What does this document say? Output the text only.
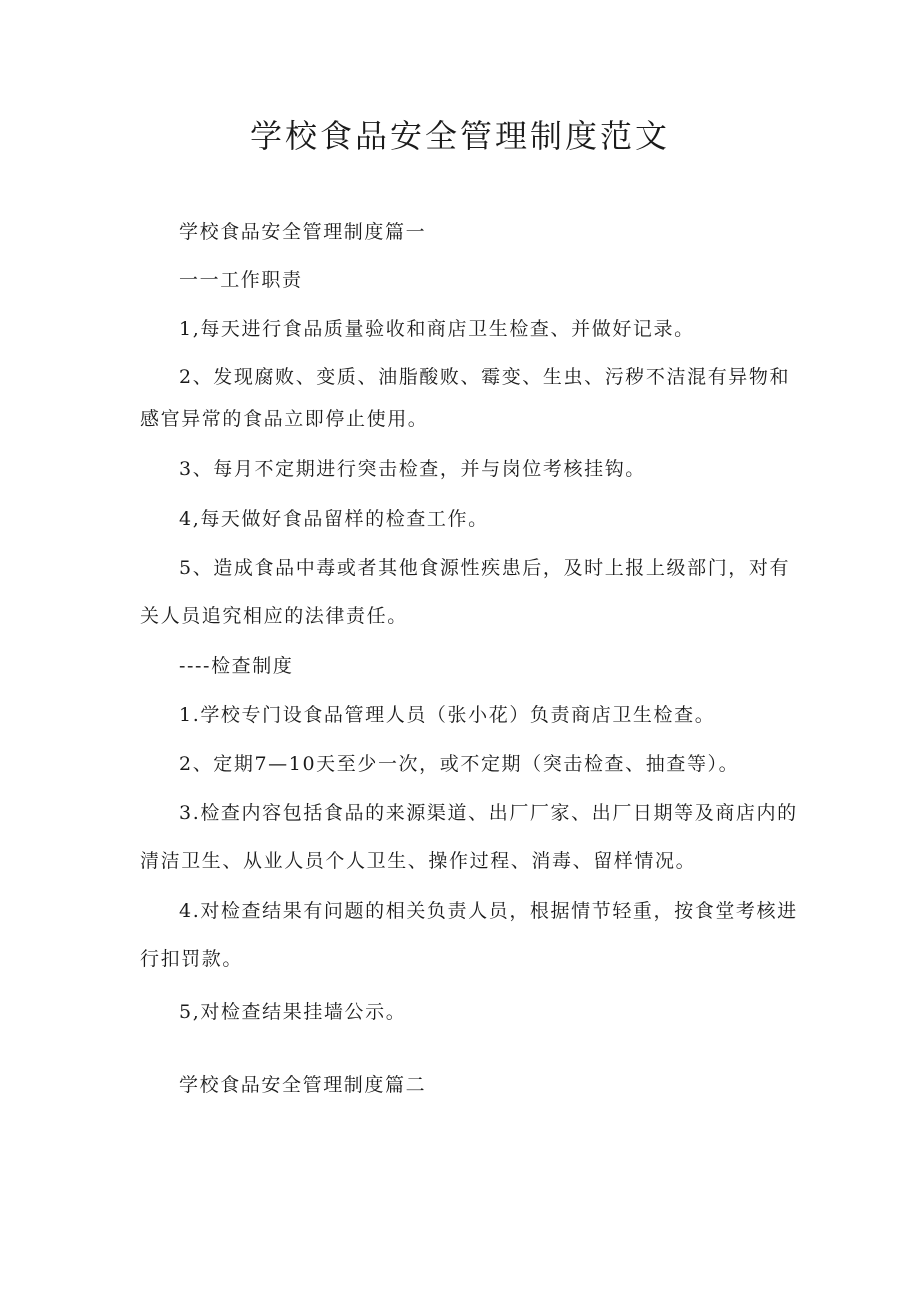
学校食品安全管理制度范文
学校食品安全管理制度篇一
一一工作职责
1,每天进行食品质量验收和商店卫生检查、并做好记录。
2、发现腐败、变质、油脂酸败、霉变、生虫、污秽不洁混有异物和
感官异常的食品立即停止使用。
3、每月不定期进行突击检查，并与岗位考核挂钩。
4,每天做好食品留样的检查工作。
5、造成食品中毒或者其他食源性疾患后，及时上报上级部门，对有
关人员追究相应的法律责任。
----检查制度
1.学校专门设食品管理人员（张小花）负责商店卫生检查。
2、定期7—10天至少一次，或不定期（突击检查、抽查等）。
3.检查内容包括食品的来源渠道、出厂厂家、出厂日期等及商店内的
清洁卫生、从业人员个人卫生、操作过程、消毒、留样情况。
4.对检查结果有问题的相关负责人员，根据情节轻重，按食堂考核进
行扣罚款。
5,对检查结果挂墙公示。
学校食品安全管理制度篇二
